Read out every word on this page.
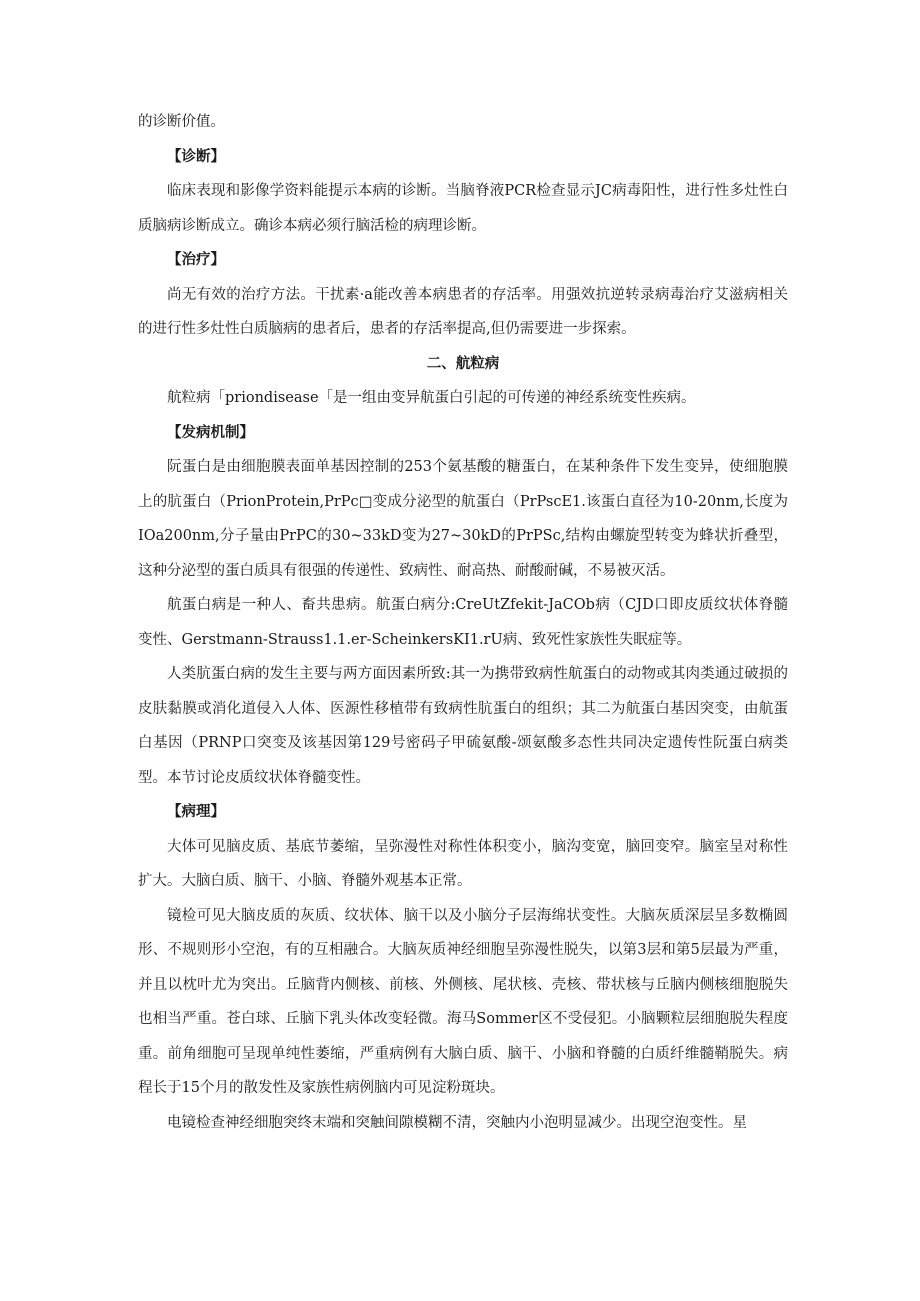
的诊断价值。

【诊断】

临床表现和影像学资料能提示本病的诊断。当脑脊液PCR检查显示JC病毒阳性，进行性多灶性白质脑病诊断成立。确诊本病必须行脑活检的病理诊断。

【治疗】

尚无有效的治疗方法。干扰素·a能改善本病患者的存活率。用强效抗逆转录病毒治疗艾滋病相关的进行性多灶性白质脑病的患者后，患者的存活率提高,但仍需要进一步探索。

二、航粒病

航粒病「priondisease「是一组由变异航蛋白引起的可传递的神经系统变性疾病。

【发病机制】

阮蛋白是由细胞膜表面单基因控制的253个氨基酸的糖蛋白，在某种条件下发生变异，使细胞膜上的肮蛋白（PrionProtein,PrPc□变成分泌型的航蛋白（PrPscE1.该蛋白直径为10-20nm,长度为IOa200nm,分子量由PrPC的30~33kD变为27~30kD的PrPSc,结构由螺旋型转变为蜂状折叠型，这种分泌型的蛋白质具有很强的传递性、致病性、耐高热、耐酸耐碱，不易被灭活。

航蛋白病是一种人、畜共患病。航蛋白病分:CreUtZfekit-JaCOb病（CJD口即皮质纹状体脊髓变性、Gerstmann-Strauss1.1.er-ScheinkersKI1.rU病、致死性家族性失眠症等。

人类肮蛋白病的发生主要与两方面因素所致:其一为携带致病性航蛋白的动物或其肉类通过破损的皮肤黏膜或消化道侵入人体、医源性移植带有致病性肮蛋白的组织；其二为航蛋白基因突变，由航蛋白基因（PRNP口突变及该基因第129号密码子甲硫氨酸-颂氨酸多态性共同决定遗传性阮蛋白病类型。本节讨论皮质纹状体脊髓变性。

【病理】

大体可见脑皮质、基底节萎缩，呈弥漫性对称性体积变小，脑沟变宽，脑回变窄。脑室呈对称性扩大。大脑白质、脑干、小脑、脊髓外观基本正常。

镜检可见大脑皮质的灰质、纹状体、脑干以及小脑分子层海绵状变性。大脑灰质深层呈多数椭圆形、不规则形小空泡，有的互相融合。大脑灰质神经细胞呈弥漫性脱失，以第3层和第5层最为严重，并且以枕叶尤为突出。丘脑背内侧核、前核、外侧核、尾状核、壳核、带状核与丘脑内侧核细胞脱失也相当严重。苍白球、丘脑下乳头体改变轻微。海马Sommer区不受侵犯。小脑颗粒层细胞脱失程度重。前角细胞可呈现单纯性萎缩，严重病例有大脑白质、脑干、小脑和脊髓的白质纤维髓鞘脱失。病程长于15个月的散发性及家族性病例脑内可见淀粉斑块。

电镜检查神经细胞突终末端和突触间隙模糊不清，突触内小泡明显减少。出现空泡变性。星
